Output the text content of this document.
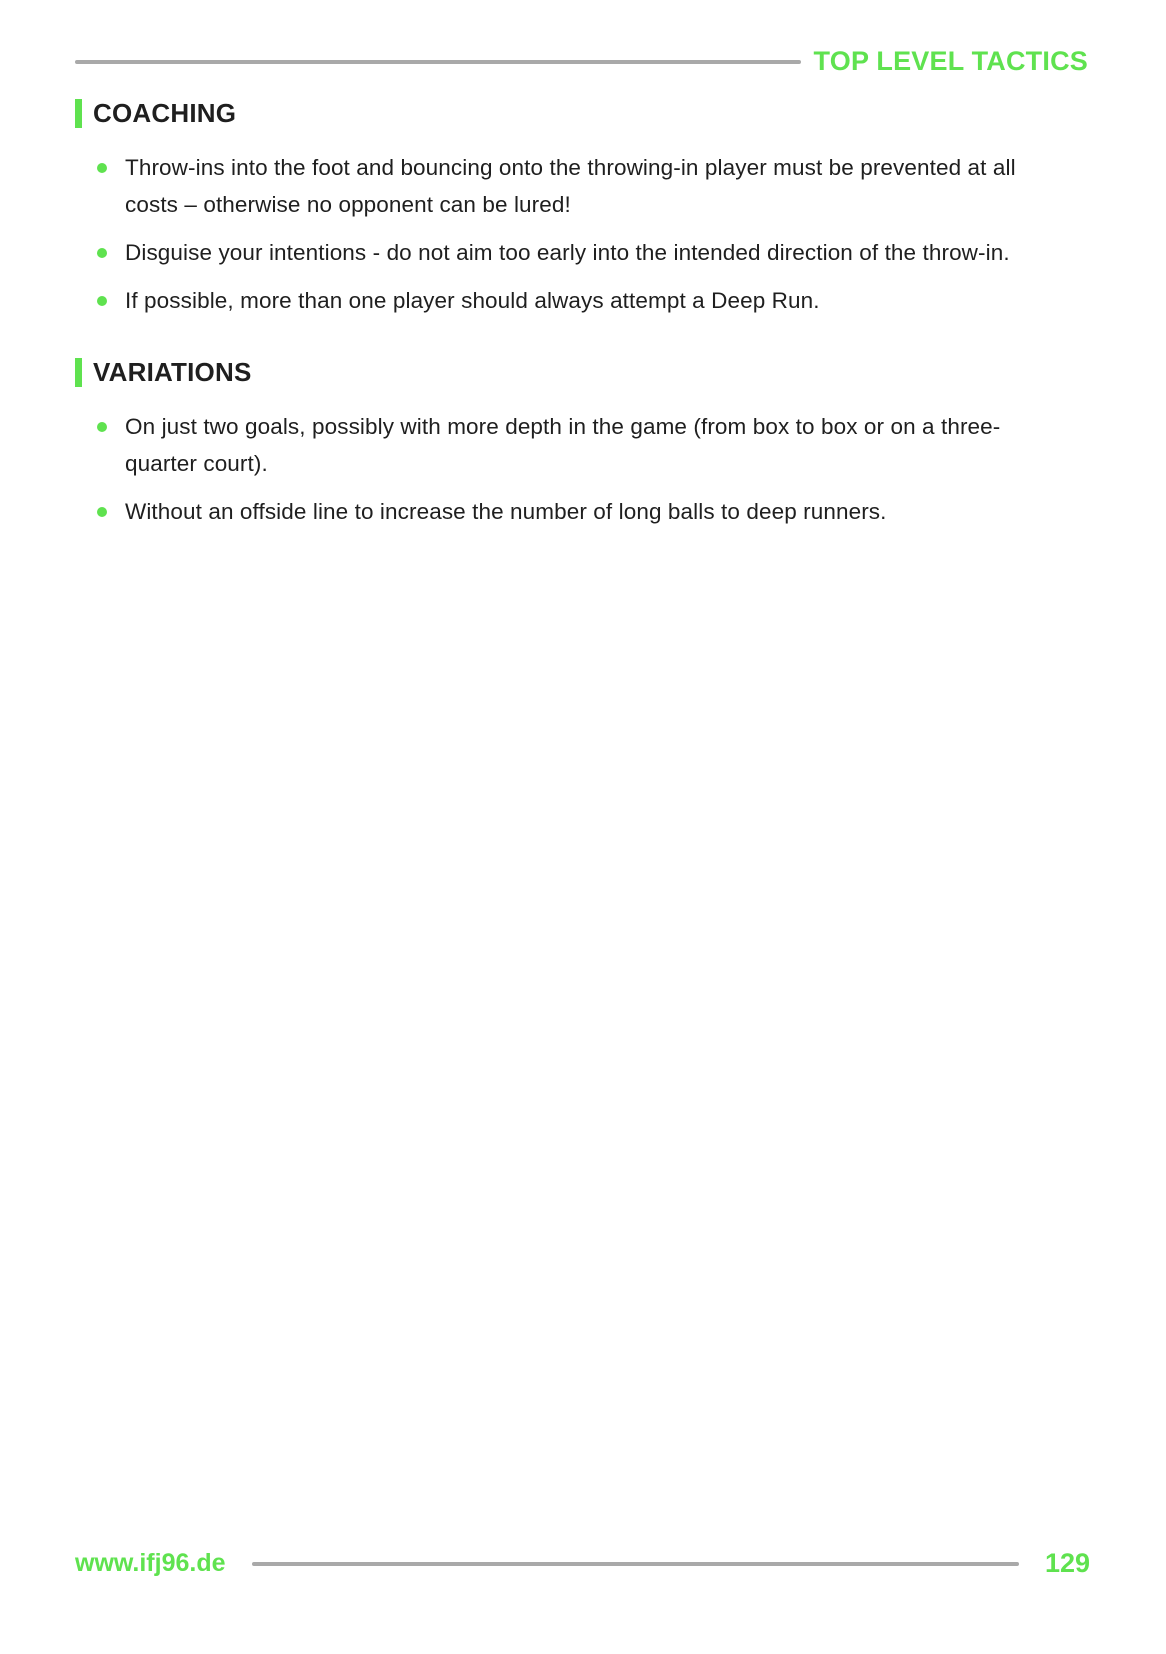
TOP LEVEL TACTICS
COACHING
Throw-ins into the foot and bouncing onto the throwing-in player must be prevented at all costs – otherwise no opponent can be lured!
Disguise your intentions - do not aim too early into the intended direction of the throw-in.
If possible, more than one player should always attempt a Deep Run.
VARIATIONS
On just two goals, possibly with more depth in the game (from box to box or on a three-quarter court).
Without an offside line to increase the number of long balls to deep runners.
www.ifj96.de	129
